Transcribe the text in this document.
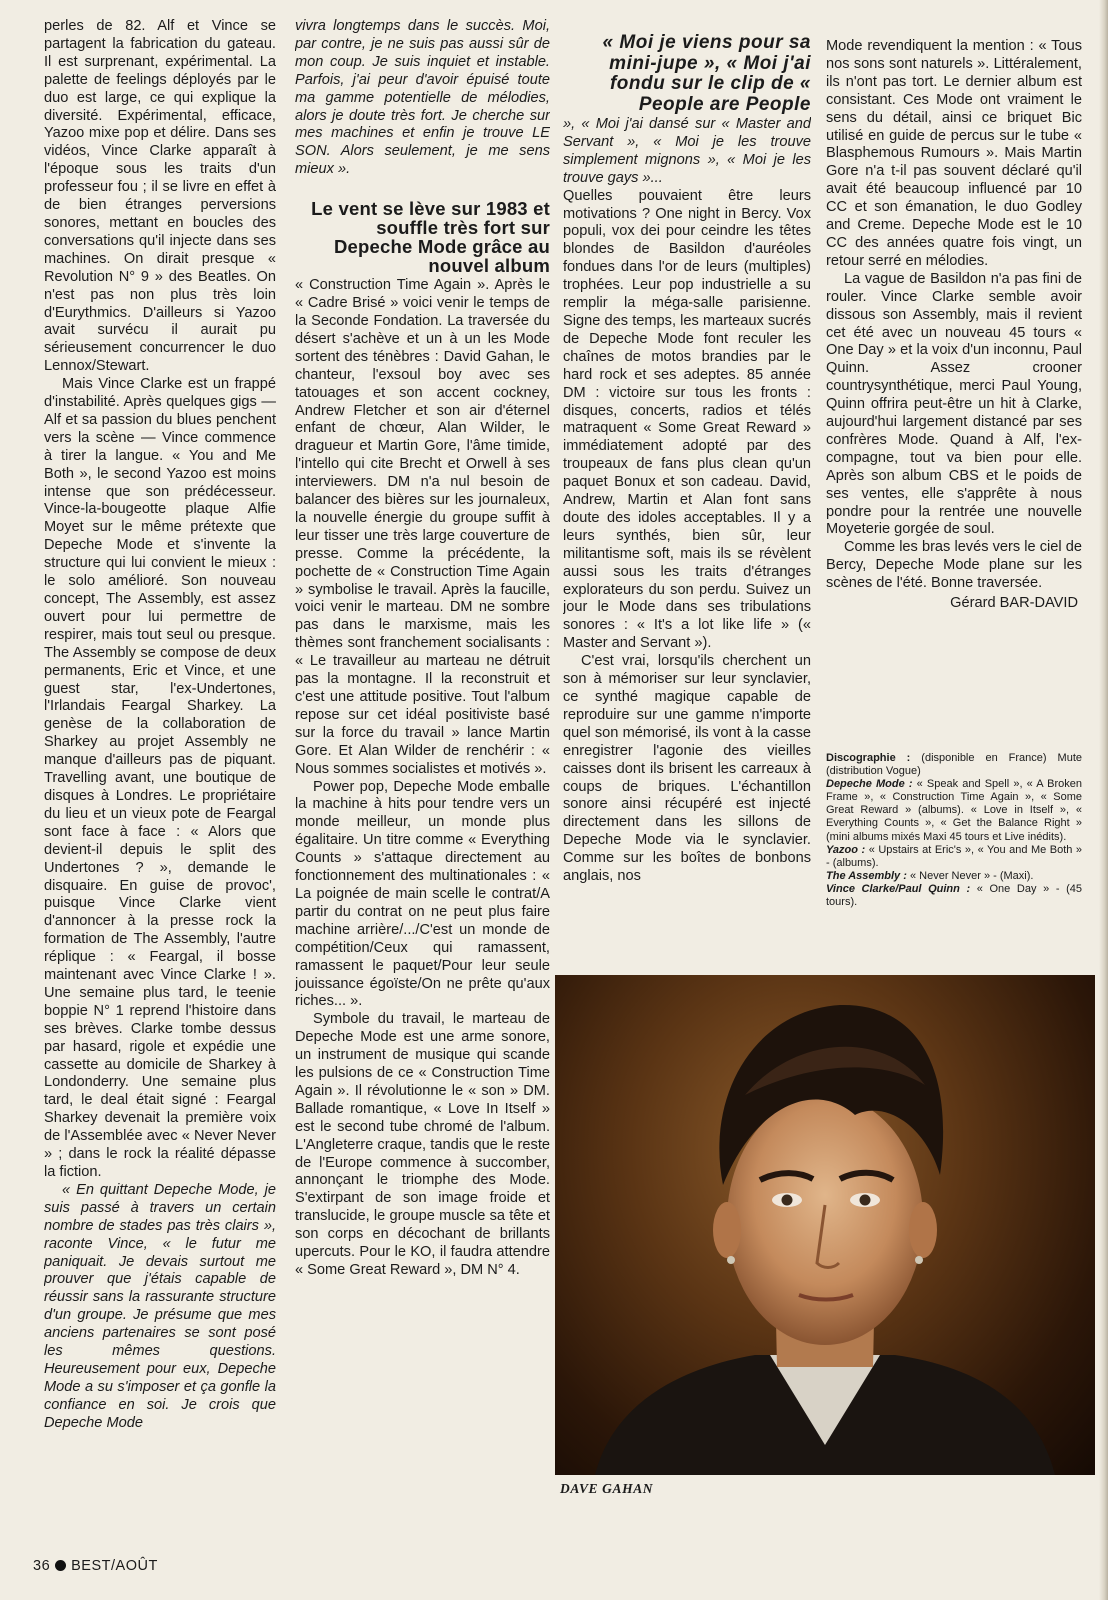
perles de 82. Alf et Vince se partagent la fabrication du gateau. Il est surprenant, expérimental. La palette de feelings déployés par le duo est large, ce qui explique la diversité. Expérimental, efficace, Yazoo mixe pop et délire. Dans ses vidéos, Vince Clarke apparaît à l'époque sous les traits d'un professeur fou ; il se livre en effet à de bien étranges perversions sonores, mettant en boucles des conversations qu'il injecte dans ses machines. On dirait presque « Revolution N° 9 » des Beatles. On n'est pas non plus très loin d'Eurythmics. D'ailleurs si Yazoo avait survécu il aurait pu sérieusement concurrencer le duo Lennox/Stewart.

Mais Vince Clarke est un frappé d'instabilité. Après quelques gigs — Alf et sa passion du blues penchent vers la scène — Vince commence à tirer la langue. « You and Me Both », le second Yazoo est moins intense que son prédécesseur. Vince-la-bougeotte plaque Alfie Moyet sur le même prétexte que Depeche Mode et s'invente la structure qui lui convient le mieux : le solo amélioré. Son nouveau concept, The Assembly, est assez ouvert pour lui permettre de respirer, mais tout seul ou presque. The Assembly se compose de deux permanents, Eric et Vince, et une guest star, l'ex-Undertones, l'Irlandais Feargal Sharkey. La genèse de la collaboration de Sharkey au projet Assembly ne manque d'ailleurs pas de piquant. Travelling avant, une boutique de disques à Londres. Le propriétaire du lieu et un vieux pote de Feargal sont face à face : « Alors que devient-il depuis le split des Undertones ? », demande le disquaire. En guise de provoc', puisque Vince Clarke vient d'annoncer à la presse rock la formation de The Assembly, l'autre réplique : « Feargal, il bosse maintenant avec Vince Clarke ! ». Une semaine plus tard, le teenie boppie N° 1 reprend l'histoire dans ses brèves. Clarke tombe dessus par hasard, rigole et expédie une cassette au domicile de Sharkey à Londonderry. Une semaine plus tard, le deal était signé : Feargal Sharkey devenait la première voix de l'Assemblée avec « Never Never » ; dans le rock la réalité dépasse la fiction.

« En quittant Depeche Mode, je suis passé à travers un certain nombre de stades pas très clairs », raconte Vince, « le futur me paniquait. Je devais surtout me prouver que j'étais capable de réussir sans la rassurante structure d'un groupe. Je présume que mes anciens partenaires se sont posé les mêmes questions. Heureusement pour eux, Depeche Mode a su s'imposer et ça gonfle la confiance en soi. Je crois que Depeche Mode

vivra longtemps dans le succès. Moi, par contre, je ne suis pas aussi sûr de mon coup. Je suis inquiet et instable. Parfois, j'ai peur d'avoir épuisé toute ma gamme potentielle de mélodies, alors je doute très fort. Je cherche sur mes machines et enfin je trouve LE SON. Alors seulement, je me sens mieux ».

Le vent se lève sur 1983 et souffle très fort sur Depeche Mode grâce au nouvel album

« Construction Time Again ». Après le « Cadre Brisé » voici venir le temps de la Seconde Fondation. La traversée du désert s'achève et un à un les Mode sortent des ténèbres : David Gahan, le chanteur, l'exsoul boy avec ses tatouages et son accent cockney, Andrew Fletcher et son air d'éternel enfant de chœur, Alan Wilder, le dragueur et Martin Gore, l'âme timide, l'intello qui cite Brecht et Orwell à ses interviewers. DM n'a nul besoin de balancer des bières sur les journaleux, la nouvelle énergie du groupe suffit à leur tisser une très large couverture de presse. Comme la précédente, la pochette de « Construction Time Again » symbolise le travail. Après la faucille, voici venir le marteau. DM ne sombre pas dans le marxisme, mais les thèmes sont franchement socialisants : « Le travailleur au marteau ne détruit pas la montagne. Il la reconstruit et c'est une attitude positive. Tout l'album repose sur cet idéal positiviste basé sur la force du travail » lance Martin Gore. Et Alan Wilder de renchérir : « Nous sommes socialistes et motivés ».

Power pop, Depeche Mode emballe la machine à hits pour tendre vers un monde meilleur, un monde plus égalitaire. Un titre comme « Everything Counts » s'attaque directement au fonctionnement des multinationales : « La poignée de main scelle le contrat/A partir du contrat on ne peut plus faire machine arrière/.../C'est un monde de compétition/Ceux qui ramassent, ramassent le paquet/Pour leur seule jouissance égoïste/On ne prête qu'aux riches... ».

Symbole du travail, le marteau de Depeche Mode est une arme sonore, un instrument de musique qui scande les pulsions de ce « Construction Time Again ». Il révolutionne le « son » DM. Ballade romantique, « Love In Itself » est le second tube chromé de l'album. L'Angleterre craque, tandis que le reste de l'Europe commence à succomber, annonçant le triomphe des Mode. S'extirpant de son image froide et translucide, le groupe muscle sa tête et son corps en décochant de brillants upercuts. Pour le KO, il faudra attendre « Some Great Reward », DM N° 4.

« Moi je viens pour sa mini-jupe », « Moi j'ai fondu sur le clip de « People are People

», « Moi j'ai dansé sur « Master and Servant », « Moi je les trouve simplement mignons », « Moi je les trouve gays »...

Quelles pouvaient être leurs motivations ? One night in Bercy. Vox populi, vox dei pour ceindre les têtes blondes de Basildon d'auréoles fondues dans l'or de leurs (multiples) trophées. Leur pop industrielle a su remplir la méga-salle parisienne. Signe des temps, les marteaux sucrés de Depeche Mode font reculer les chaînes de motos brandies par le hard rock et ses adeptes. 85 année DM : victoire sur tous les fronts : disques, concerts, radios et télés matraquent « Some Great Reward » immédiatement adopté par des troupeaux de fans plus clean qu'un paquet Bonux et son cadeau. David, Andrew, Martin et Alan font sans doute des idoles acceptables. Il y a leurs synthés, bien sûr, leur militantisme soft, mais ils se révèlent aussi sous les traits d'étranges explorateurs du son perdu. Suivez un jour le Mode dans ses tribulations sonores : « It's a lot like life » (« Master and Servant »).

C'est vrai, lorsqu'ils cherchent un son à mémoriser sur leur synclavier, ce synthé magique capable de reproduire sur une gamme n'importe quel son mémorisé, ils vont à la casse enregistrer l'agonie des vieilles caisses dont ils brisent les carreaux à coups de briques. L'échantillon sonore ainsi récupéré est injecté directement dans les sillons de Depeche Mode via le synclavier. Comme sur les boîtes de bonbons anglais, nos

Mode revendiquent la mention : « Tous nos sons sont naturels ». Littéralement, ils n'ont pas tort. Le dernier album est consistant. Ces Mode ont vraiment le sens du détail, ainsi ce briquet Bic utilisé en guide de percus sur le tube « Blasphemous Rumours ». Mais Martin Gore n'a t-il pas souvent déclaré qu'il avait été beaucoup influencé par 10 CC et son émanation, le duo Godley and Creme. Depeche Mode est le 10 CC des années quatre fois vingt, un retour serré en mélodies.

La vague de Basildon n'a pas fini de rouler. Vince Clarke semble avoir dissous son Assembly, mais il revient cet été avec un nouveau 45 tours « One Day » et la voix d'un inconnu, Paul Quinn. Assez crooner countrysynthétique, merci Paul Young, Quinn offrira peut-être un hit à Clarke, aujourd'hui largement distancé par ses confrères Mode. Quand à Alf, l'ex-compagne, tout va bien pour elle. Après son album CBS et le poids de ses ventes, elle s'apprête à nous pondre pour la rentrée une nouvelle Moyeterie gorgée de soul.

Comme les bras levés vers le ciel de Bercy, Depeche Mode plane sur les scènes de l'été. Bonne traversée.

Gérard BAR-DAVID

Discographie : (disponible en France) Mute (distribution Vogue)

Depeche Mode : « Speak and Spell », « A Broken Frame », « Construction Time Again », « Some Great Reward » (albums). « Love in Itself », « Everything Counts », « Get the Balance Right » (mini albums mixés Maxi 45 tours et Live inédits).

Yazoo : « Upstairs at Eric's », « You and Me Both » - (albums).

The Assembly : « Never Never » - (Maxi).

Vince Clarke/Paul Quinn : « One Day » - (45 tours).

DAVE GAHAN
36 BEST/AOÛT
